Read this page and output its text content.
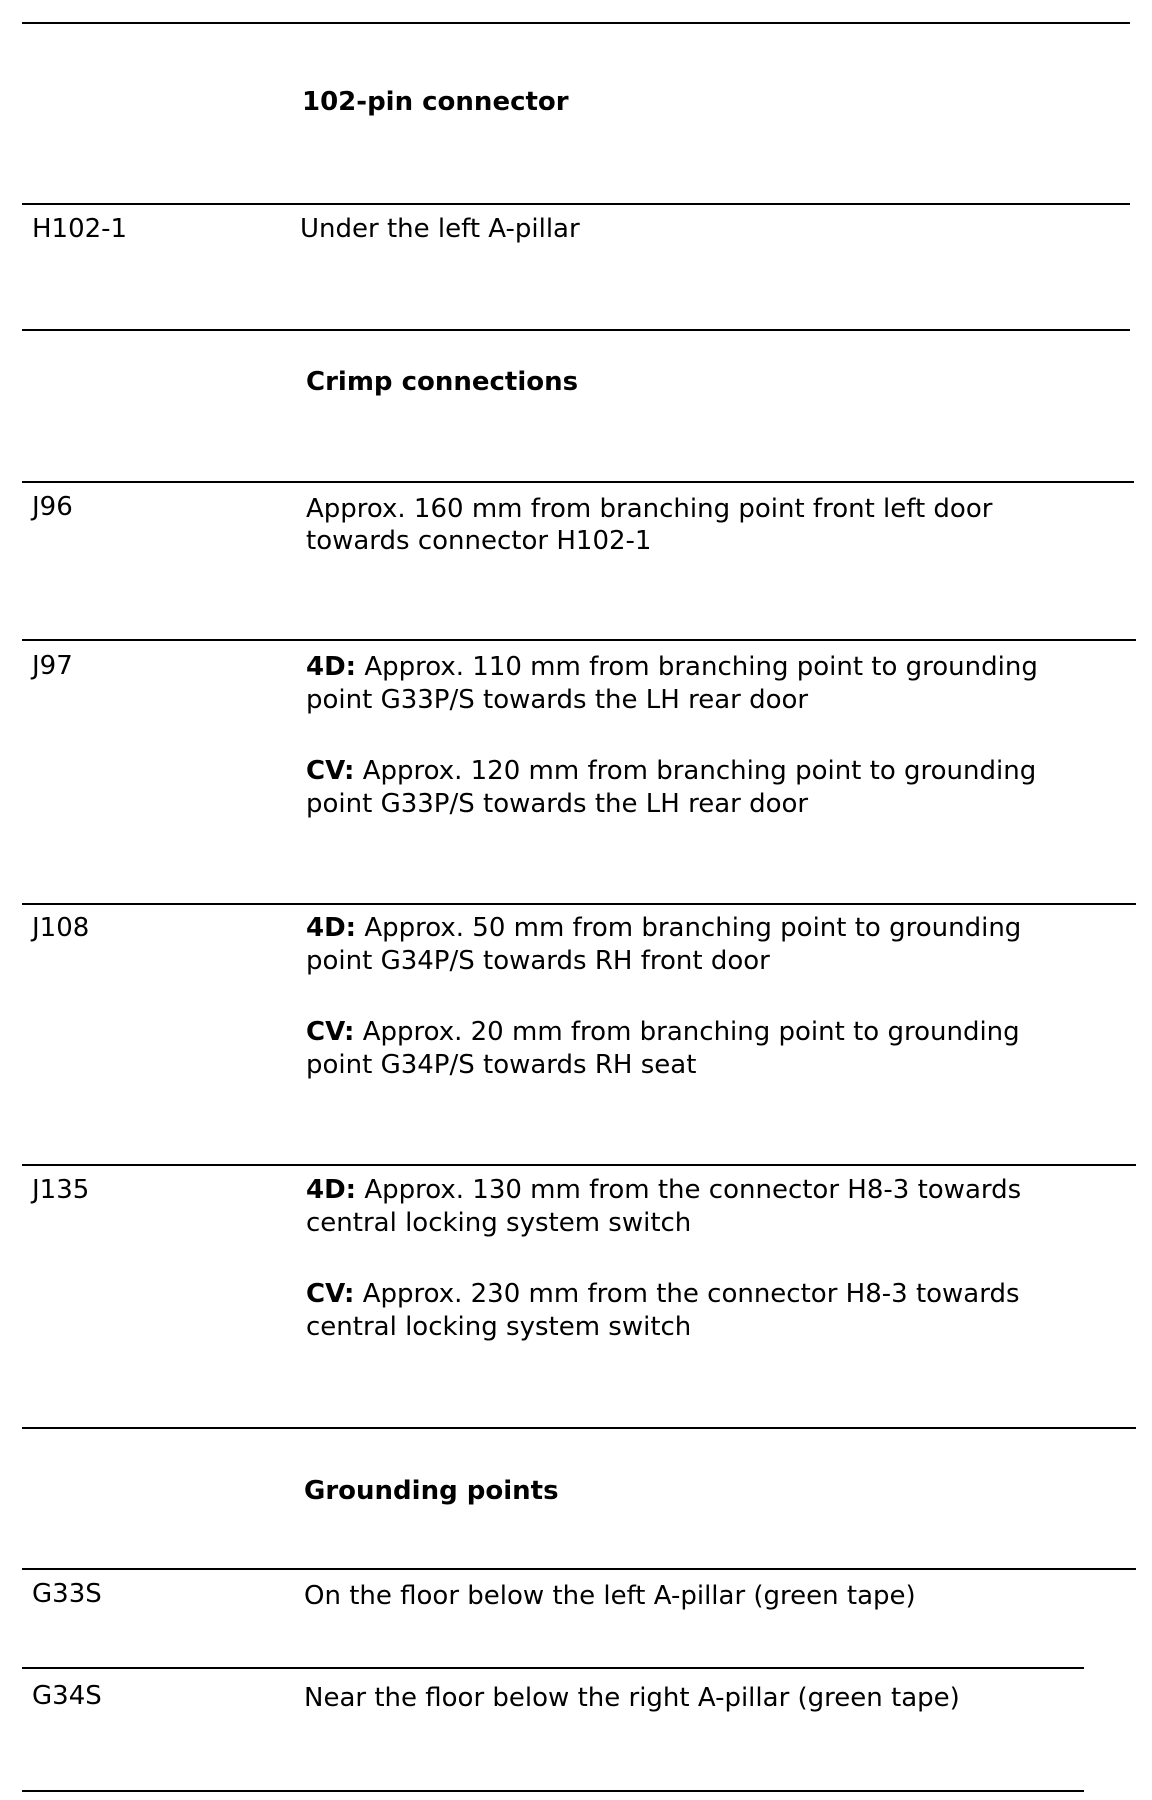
102-pin connector
H102-1	Under the left A-pillar
Crimp connections
J96	Approx. 160 mm from branching point front left door
towards connector H102-1
J97	4D: Approx. 110 mm from branching point to grounding
point G33P/S towards the LH rear door
CV: Approx. 120 mm from branching point to grounding
point G33P/S towards the LH rear door
J108	4D: Approx. 50 mm from branching point to grounding
point G34P/S towards RH front door
CV: Approx. 20 mm from branching point to grounding
point G34P/S towards RH seat
J135	4D: Approx. 130 mm from the connector H8-3 towards
central locking system switch
CV: Approx. 230 mm from the connector H8-3 towards
central locking system switch
Grounding points
G33S	On the floor below the left A-pillar (green tape)
G34S	Near the floor below the right A-pillar (green tape)
